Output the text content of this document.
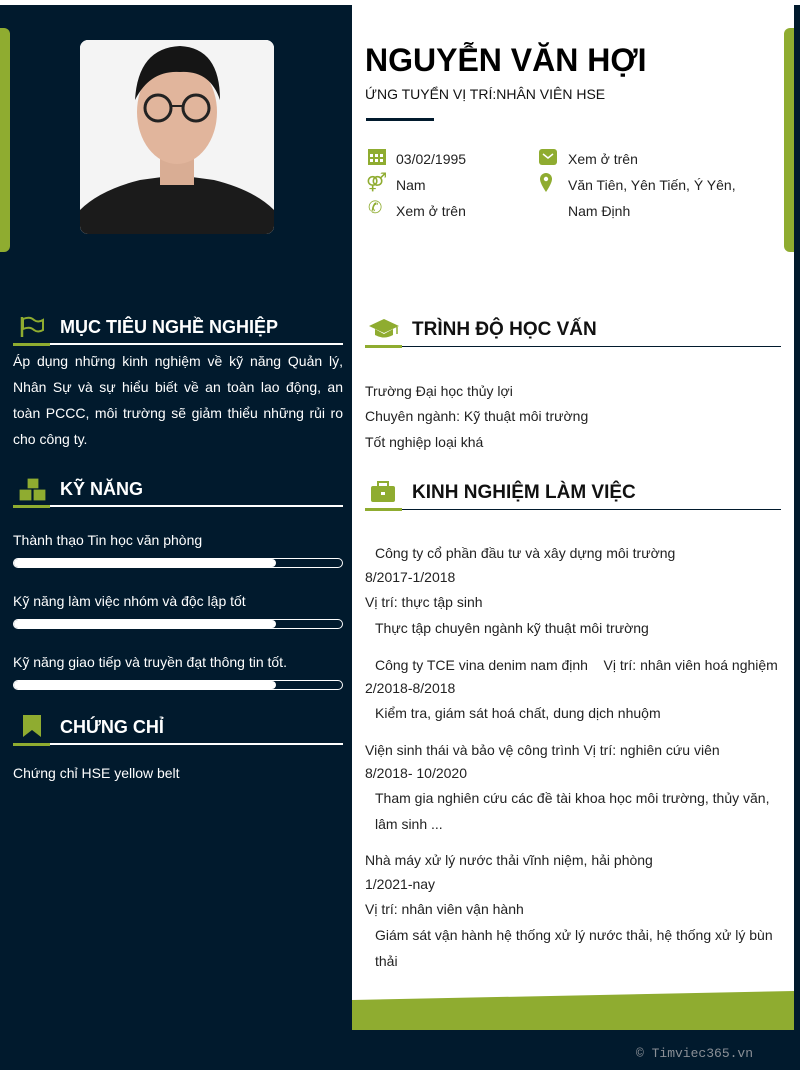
NGUYỄN VĂN HỢI
ỨNG TUYỂN VỊ TRÍ:NHÂN VIÊN HSE
03/02/1995
⚤ Nam
✆ Xem ở trên
Xem ở trên
Văn Tiên, Yên Tiến, Ý Yên,
Nam Định
MỤC TIÊU NGHỀ NGHIỆP
Áp dụng những kinh nghiệm về kỹ năng Quản lý, Nhân Sự và sự hiểu biết về an toàn lao động, an toàn PCCC, môi trường sẽ giảm thiểu những rủi ro cho công ty.
KỸ NĂNG
Thành thạo Tin học văn phòng
Kỹ năng làm việc nhóm và độc lập tốt
Kỹ năng giao tiếp và truyền đạt thông tin tốt.
CHỨNG CHỈ
Chứng chỉ HSE yellow belt
TRÌNH ĐỘ HỌC VẤN
Trường Đại học thủy lợi
Chuyên ngành: Kỹ thuật môi trường
Tốt nghiệp loại khá
KINH NGHIỆM LÀM VIỆC
Công ty cổ phần đầu tư và xây dựng môi trường
8/2017-1/2018
Vị trí: thực tập sinh
Thực tập chuyên ngành kỹ thuật môi trường
Công ty TCE vina denim nam định    Vị trí: nhân viên hoá nghiệm
2/2018-8/2018
Kiểm tra, giám sát hoá chất, dung dịch nhuộm
Viện sinh thái và bảo vệ công trình Vị trí: nghiên cứu viên
8/2018- 10/2020
Tham gia nghiên cứu các đề tài khoa học môi trường, thủy văn,
lâm sinh ...
Nhà máy xử lý nước thải vĩnh niệm, hải phòng
1/2021-nay
Vị trí: nhân viên vận hành
Giám sát vận hành hệ thống xử lý nước thải, hệ thống xử lý bùn
thải
© Timviec365.vn
